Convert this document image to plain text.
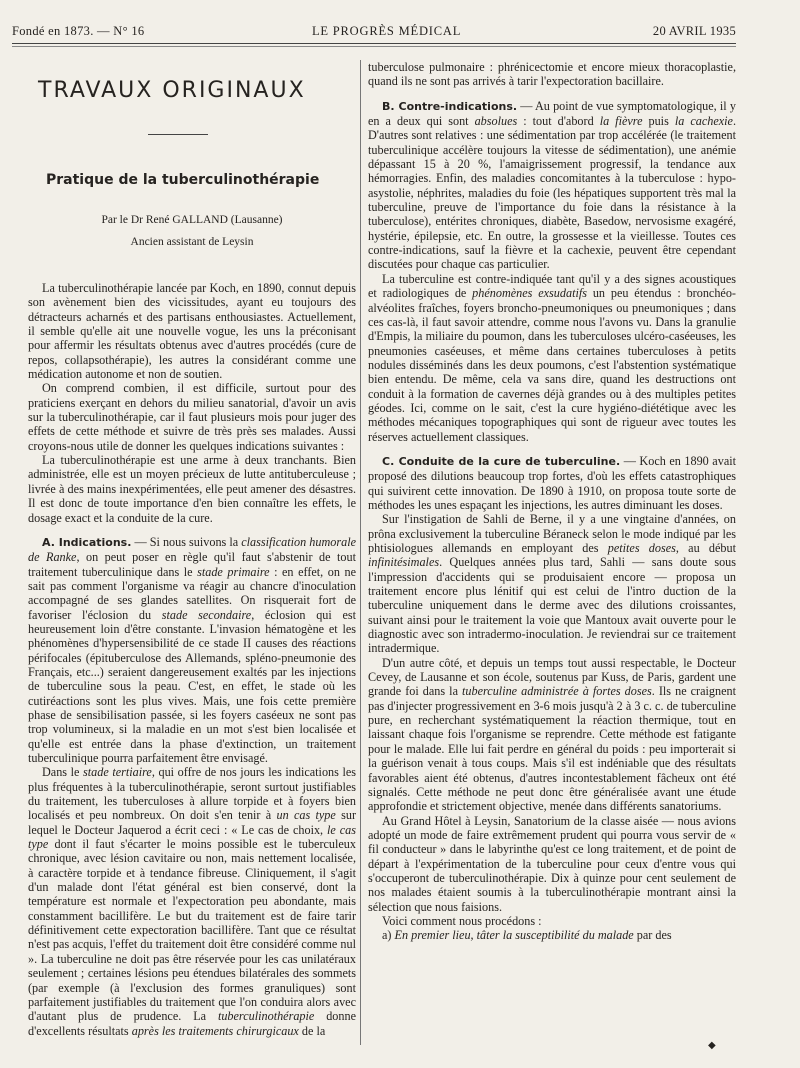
Fondé en 1873. — N° 16	LE PROGRÈS MÉDICAL	20 AVRIL 1935
TRAVAUX ORIGINAUX
Pratique de la tuberculinothérapie
Par le Dr René GALLAND (Lausanne)
Ancien assistant de Leysin

La tuberculinothérapie lancée par Koch, en 1890, connut depuis son avènement bien des vicissitudes, ayant eu toujours des détracteurs acharnés et des partisans enthousiastes. Actuellement, il semble qu'elle ait une nouvelle vogue, les uns la préconisant pour affermir les résultats obtenus avec d'autres procédés (cure de repos, collapsothérapie), les autres la considérant comme une médication autonome et non de soutien.

On comprend combien, il est difficile, surtout pour des praticiens exerçant en dehors du milieu sanatorial, d'avoir un avis sur la tuberculinothérapie, car il faut plusieurs mois pour juger des effets de cette méthode et suivre de très près ses malades. Aussi croyons-nous utile de donner les quelques indications suivantes :

La tuberculinothérapie est une arme à deux tranchants. Bien administrée, elle est un moyen précieux de lutte antituberculeuse ; livrée à des mains inexpérimentées, elle peut amener des désastres. Il est donc de toute importance d'en bien connaître les effets, le dosage exact et la conduite de la cure.

A. Indications. — Si nous suivons la classification humorale de Ranke, on peut poser en règle qu'il faut s'abstenir de tout traitement tuberculinique dans le stade primaire : en effet, on ne sait pas comment l'organisme va réagir au chancre d'inoculation accompagné de ses glandes satellites. On risquerait fort de favoriser l'éclosion du stade secondaire, éclosion qui est heureusement loin d'être constante. L'invasion hématogène et les phénomènes d'hypersensibilité de ce stade II causes des réactions périfocales (épituberculose des Allemands, spléno-pneumonie des Français, etc...) seraient dangereusement exaltés par les injections de tuberculine sous la peau. C'est, en effet, le stade où les cutiréactions sont les plus vives. Mais, une fois cette première phase de sensibilisation passée, si les foyers caséeux ne sont pas trop volumineux, si la maladie en un mot s'est bien localisée et qu'elle est entrée dans la phase d'extinction, un traitement tuberculinique pourra parfaitement être envisagé.

Dans le stade tertiaire, qui offre de nos jours les indications les plus fréquentes à la tuberculinothérapie, seront surtout justifiables du traitement, les tuberculoses à allure torpide et à foyers bien localisés et peu nombreux. On doit s'en tenir à un cas type sur lequel le Docteur Jaquerod a écrit ceci : « Le cas de choix, le cas type dont il faut s'écarter le moins possible est le tuberculeux chronique, avec lésion cavitaire ou non, mais nettement localisée, à caractère torpide et à tendance fibreuse. Cliniquement, il s'agit d'un malade dont l'état général est bien conservé, dont la température est normale et l'expectoration peu abondante, mais constamment bacillifère. Le but du traitement est de faire tarir définitivement cette expectoration bacillifère. Tant que ce résultat n'est pas acquis, l'effet du traitement doit être considéré comme nul ». La tuberculine ne doit pas être réservée pour les cas unilatéraux seulement ; certaines lésions peu étendues bilatérales des sommets (par exemple (à l'exclusion des formes granuliques) sont parfaitement justifiables du traitement que l'on conduira alors avec d'autant plus de prudence. La tuberculinothérapie donne d'excellents résultats après les traitements chirurgicaux de la

tuberculose pulmonaire : phrénicectomie et encore mieux thoracoplastie, quand ils ne sont pas arrivés à tarir l'expectoration bacillaire.

B. Contre-indications. — Au point de vue symptomatologique, il y en a deux qui sont absolues : tout d'abord la fièvre puis la cachexie. D'autres sont relatives : une sédimentation par trop accélérée (le traitement tuberculinique accélère toujours la vitesse de sédimentation), une anémie dépassant 15 à 20 %, l'amaigrissement progressif, la tendance aux hémorragies. Enfin, des maladies concomitantes à la tuberculose : hypo-asystolie, néphrites, maladies du foie (les hépatiques supportent très mal la tuberculine, preuve de l'importance du foie dans la résistance à la tuberculose), entérites chroniques, diabète, Basedow, nervosisme exagéré, hystérie, épilepsie, etc. En outre, la grossesse et la vieillesse. Toutes ces contre-indications, sauf la fièvre et la cachexie, peuvent être cependant discutées pour chaque cas particulier.

La tuberculine est contre-indiquée tant qu'il y a des signes acoustiques et radiologiques de phénomènes exsudatifs un peu étendus : bronchéo-alvéolites fraîches, foyers broncho-pneumoniques ou pneumoniques ; dans ces cas-là, il faut savoir attendre, comme nous l'avons vu. Dans la granulie d'Empis, la miliaire du poumon, dans les tuberculoses ulcéro-caséeuses, les pneumonies caséeuses, et même dans certaines tuberculoses à petits nodules disséminés dans les deux poumons, c'est l'abstention systématique bien entendu. De même, cela va sans dire, quand les destructions ont conduit à la formation de cavernes déjà grandes ou à des multiples petites géodes. Ici, comme on le sait, c'est la cure hygiéno-diététique avec les méthodes mécaniques topographiques qui sont de rigueur avec toutes les réserves actuellement classiques.

C. Conduite de la cure de tuberculine. — Koch en 1890 avait proposé des dilutions beaucoup trop fortes, d'où les effets catastrophiques qui suivirent cette innovation. De 1890 à 1910, on proposa toute sorte de méthodes les unes espaçant les injections, les autres diminuant les doses.

Sur l'instigation de Sahli de Berne, il y a une vingtaine d'années, on prôna exclusivement la tuberculine Béraneck selon le mode indiqué par les phtisiologues allemands en employant des petites doses, au début infinitésimales. Quelques années plus tard, Sahli — sans doute sous l'impression d'accidents qui se produisaient encore — proposa un traitement encore plus lénitif qui est celui de l'intro duction de la tuberculine uniquement dans le derme avec des dilutions croissantes, suivant ainsi pour le traitement la voie que Mantoux avait ouverte pour le diagnostic avec son intradermo-inoculation. Je reviendrai sur ce traitement intradermique.

D'un autre côté, et depuis un temps tout aussi respectable, le Docteur Cevey, de Lausanne et son école, soutenus par Kuss, de Paris, gardent une grande foi dans la tuberculine administrée à fortes doses. Ils ne craignent pas d'injecter progressivement en 3-6 mois jusqu'à 2 à 3 c. c. de tuberculine pure, en recherchant systématiquement la réaction thermique, tout en laissant chaque fois l'organisme se reprendre. Cette méthode est fatigante pour le malade. Elle lui fait perdre en général du poids : peu importerait si la guérison venait à tous coups. Mais s'il est indéniable que des résultats favorables aient été obtenus, d'autres incontestablement fâcheux ont été signalés. Cette méthode ne peut donc être généralisée avant une étude approfondie et strictement objective, menée dans différents sanatoriums.

Au Grand Hôtel à Leysin, Sanatorium de la classe aisée — nous avions adopté un mode de faire extrêmement prudent qui pourra vous servir de « fil conducteur » dans le labyrinthe qu'est ce long traitement, et de point de départ à l'expérimentation de la tuberculine pour ceux d'entre vous qui s'occuperont de tuberculinothérapie. Dix à quinze pour cent seulement de nos malades étaient soumis à la tuberculinothérapie montrant ainsi la sélection que nous faisions.

Voici comment nous procédons :

a) En premier lieu, tâter la susceptibilité du malade par des

◆
